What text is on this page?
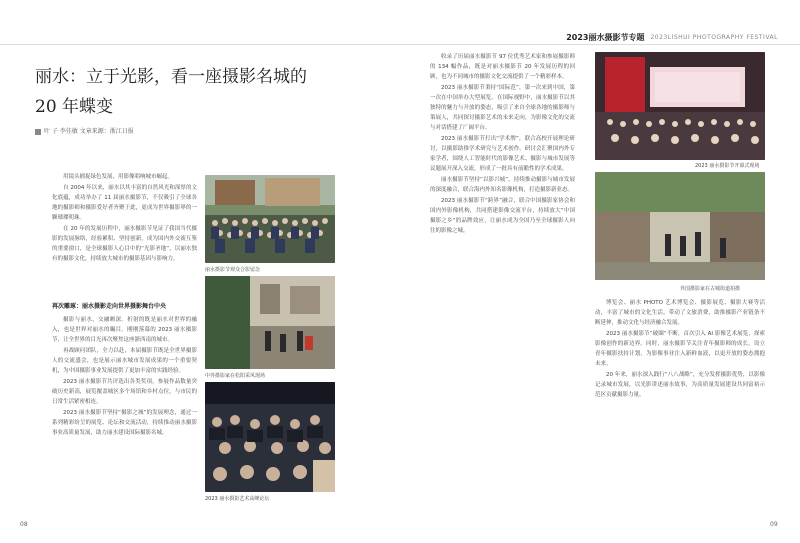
2023丽水摄影节专题 2023LISHUI PHOTOGRAPHY FESTIVAL
丽水：立于光影，看一座摄影名城的
20 年蝶变
叶 子 李佳敏 文章来源：浙江日报

用镜头捕捉绿色发展，用影像唱响城市崛起。

自 2004 年以来，丽水以其丰富的自然风光和深厚的文化底蕴，成功举办了 11 届丽水摄影节，不仅吸引了全球各地的摄影师和摄影爱好者齐聚于此，更成为世界摄影界的一颗璀璨明珠。

在 20 年的发展历程中，丽水摄影节见证了我国当代摄影的发展脉络，经验累积、坚持创新，成为国内外交流互鉴的重要窗口，是全球摄影人心目中的“光影圣地”，以丽水独有的摄影文化，持续放大城市的摄影基因与影响力。

再次雕琢：丽水摄影走向世界摄影舞台中央

摄影与丽水，交融颇深。折射的既是丽水对世界的融入，也是世界对丽水的瞩目。刚刚落幕的 2023 丽水摄影节，让全世界的目光再次聚焦这座浙西南的城市。

再战顾问团队，全力以赴，本届摄影节既是全世界摄影人的交流盛会，也是展示丽水城市发展成果的一个重要契机，为中国摄影事业发展提供了更加丰富的实践经验。

2023 丽水摄影节共评选出各类奖项，参展作品数量突破历史新高，展览覆盖城区多个场馆和乡村点位，与市民的日常生活紧密相连。

2023 丽水摄影节坚持“摄影之城”的发展理念，通过一系列精彩纷呈的展览、论坛和交流活动，持续推动丽水摄影事业高质量发展，助力丽水建设国际摄影名城。

丽水摄影节观众合影留念
中外摄影家在松阳采风现场
2023 丽水摄影艺术高峰论坛

收录了历届丽水摄影节 97 位优秀艺术家和参展摄影师的 134 幅作品，既是对丽水摄影节 20 年发展历程的回顾，也为不同城市的摄影文化交流提供了一个精彩样本。

2023 丽水摄影节秉持“国际范”，第一次来到中国，第一次在中国举办大型展览。在国际视野中，丽水摄影节以其独特的魅力与开放的姿态，吸引了来自全球各地的摄影师与策展人，共同探讨摄影艺术的未来走向，为影像文化的交流与对话搭建了广阔平台。

2023 丽水摄影节打出“学术牌”，联合高校开展理论研讨，以摄影助推学术研究与艺术创作。研讨会汇聚国内外专家学者，围绕人工智能时代的影像艺术、摄影与城市发展等议题展开深入交流，形成了一批具有前瞻性的学术成果。

丽水摄影节坚持“以影兴城”，持续推动摄影与城市发展的深度融合，联合海内外知名影像机构，打造摄影新业态。

2023 丽水摄影节“跨界”融合，联合中国摄影家协会和国内外影像机构，共同搭建影像交流平台，持续放大“中国摄影之乡”的品牌效应，让丽水成为全国乃至全球摄影人向往的影像之城。

2023 丽水摄影节开幕式现场
外国摄影家在古城街道拍摄

博览会、丽水 PHOTO 艺术博览会、摄影展览、摄影大赛等活动，丰富了城市的文化生活，带动了文旅消费，助推摄影产业链条不断延伸，推动文化与经济融合发展。

2023 丽水摄影节“破圈”不断，首次引入 AI 影像艺术展览，探索影像创作的新边界。同时，丽水摄影节关注青年摄影师的成长，设立青年摄影扶持计划，为影像事业注入新鲜血液，以更开放的姿态拥抱未来。

20 年来，丽水深入践行“八八战略”，充分发挥摄影优势，以影像记录城市发展，以光影讲述丽水故事，为高质量发展建设共同富裕示范区贡献摄影力量。

08	09
